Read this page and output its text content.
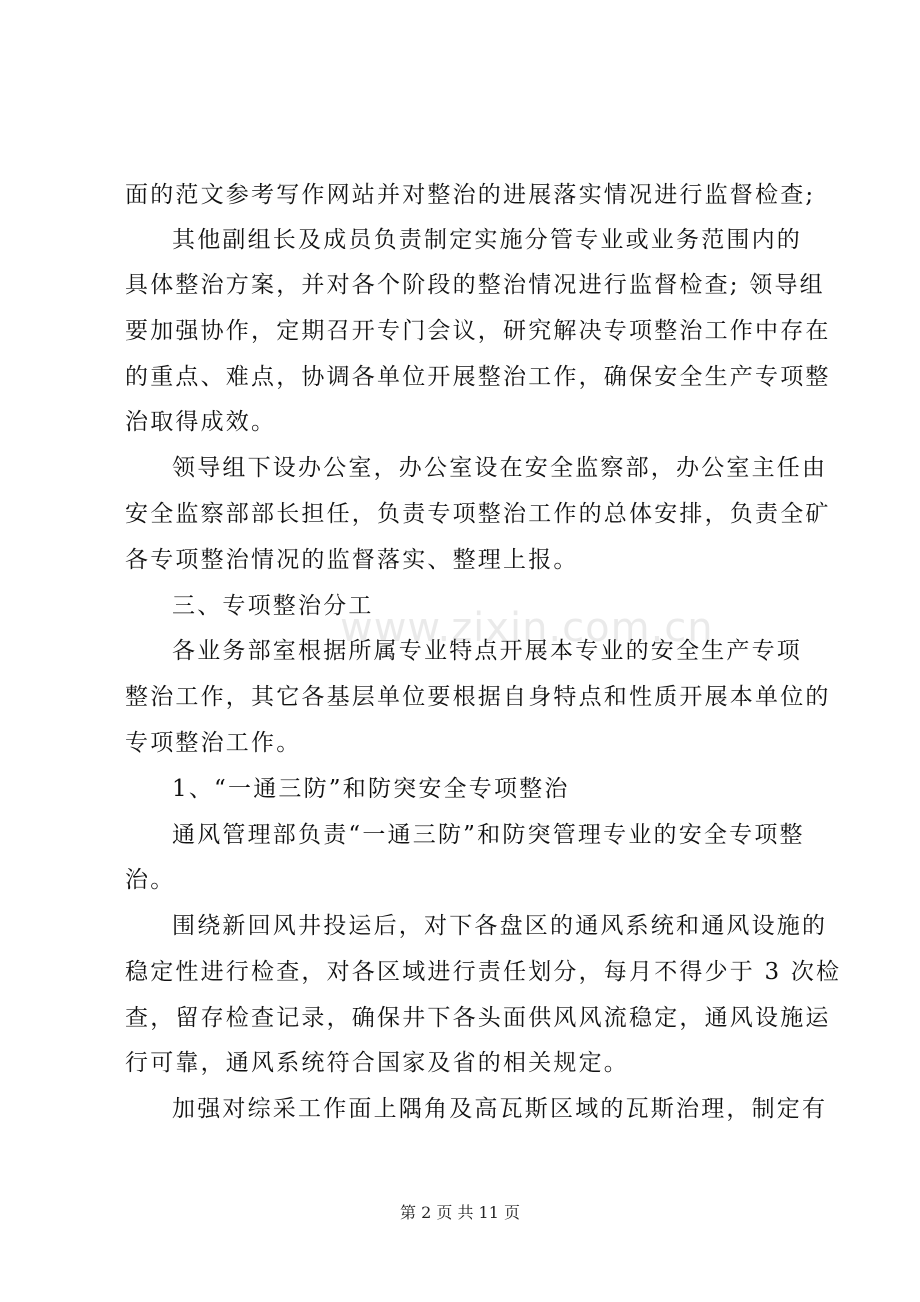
面的范文参考写作网站并对整治的进展落实情况进行监督检查;
其他副组长及成员负责制定实施分管专业或业务范围内的
具体整治方案，并对各个阶段的整治情况进行监督检查; 领导组
要加强协作，定期召开专门会议，研究解决专项整治工作中存在
的重点、难点，协调各单位开展整治工作，确保安全生产专项整
治取得成效。
领导组下设办公室，办公室设在安全监察部，办公室主任由
安全监察部部长担任，负责专项整治工作的总体安排，负责全矿
各专项整治情况的监督落实、整理上报。
三、专项整治分工
各业务部室根据所属专业特点开展本专业的安全生产专项
整治工作，其它各基层单位要根据自身特点和性质开展本单位的
专项整治工作。
1、“一通三防”和防突安全专项整治
通风管理部负责“一通三防”和防突管理专业的安全专项整
治。
围绕新回风井投运后，对下各盘区的通风系统和通风设施的
稳定性进行检查，对各区域进行责任划分，每月不得少于 3 次检
查，留存检查记录，确保井下各头面供风风流稳定，通风设施运
行可靠，通风系统符合国家及省的相关规定。
加强对综采工作面上隅角及高瓦斯区域的瓦斯治理，制定有
www.zixin.com.cn
第 2 页 共 11 页
